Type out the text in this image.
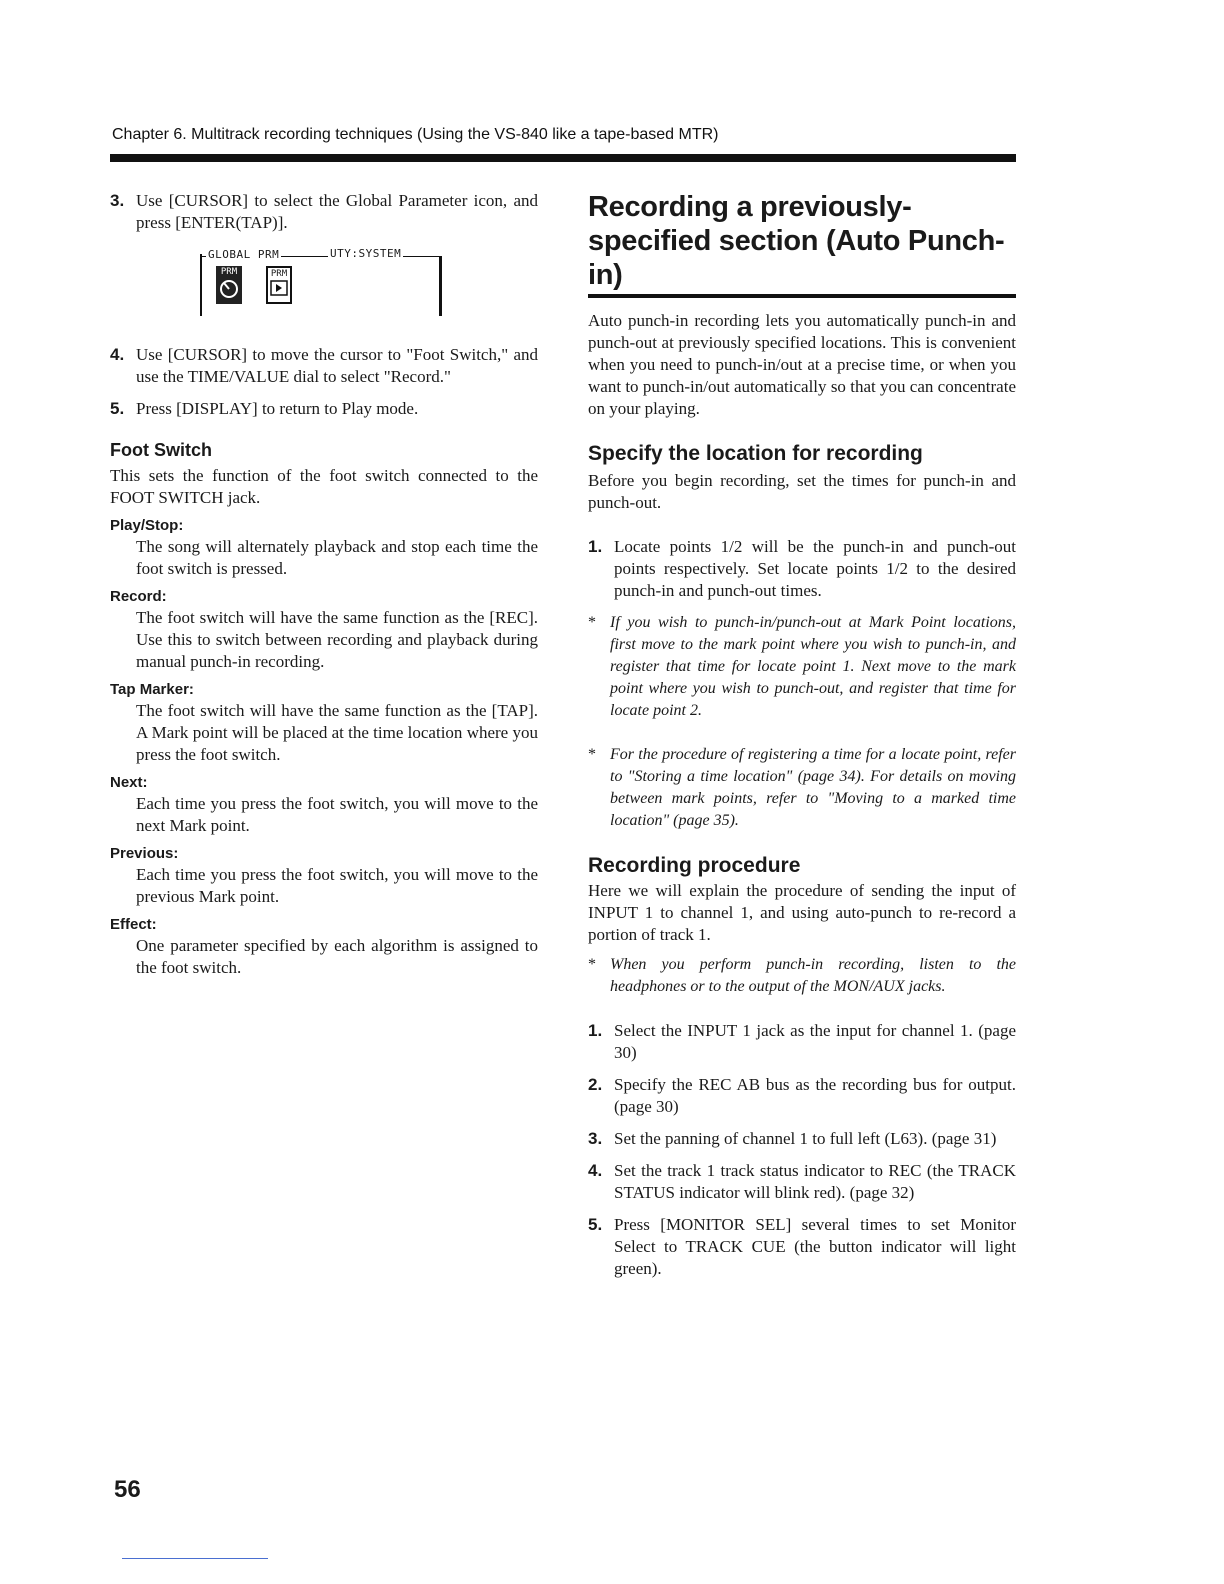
Chapter 6. Multitrack recording techniques (Using the VS-840 like a tape-based MTR)
3. Use [CURSOR] to select the Global Parameter icon, and press [ENTER(TAP)].
GLOBAL PRM	UTY:SYSTEM
PRM	PRM
4. Use [CURSOR] to move the cursor to "Foot Switch," and use the TIME/VALUE dial to select "Record."
5. Press [DISPLAY] to return to Play mode.
Foot Switch

This sets the function of the foot switch connected to the FOOT SWITCH jack.

Play/Stop:

The song will alternately playback and stop each time the foot switch is pressed.

Record:

The foot switch will have the same function as the [REC]. Use this to switch between recording and playback during manual punch-in recording.

Tap Marker:

The foot switch will have the same function as the [TAP]. A Mark point will be placed at the time location where you press the foot switch.

Next:

Each time you press the foot switch, you will move to the next Mark point.

Previous:

Each time you press the foot switch, you will move to the previous Mark point.

Effect:

One parameter specified by each algorithm is assigned to the foot switch.

Recording a previously-specified section (Auto Punch-in)

Auto punch-in recording lets you automatically punch-in and punch-out at previously specified locations. This is convenient when you need to punch-in/out at a precise time, or when you want to punch-in/out automatically so that you can concentrate on your playing.

Specify the location for recording

Before you begin recording, set the times for punch-in and punch-out.

1. Locate points 1/2 will be the punch-in and punch-out points respectively. Set locate points 1/2 to the desired punch-in and punch-out times.
* If you wish to punch-in/punch-out at Mark Point locations, first move to the mark point where you wish to punch-in, and register that time for locate point 1. Next move to the mark point where you wish to punch-out, and register that time for locate point 2.
* For the procedure of registering a time for a locate point, refer to "Storing a time location" (page 34). For details on moving between mark points, refer to "Moving to a marked time location" (page 35).
Recording procedure

Here we will explain the procedure of sending the input of INPUT 1 to channel 1, and using auto-punch to re-record a portion of track 1.

* When you perform punch-in recording, listen to the headphones or to the output of the MON/AUX jacks.
1. Select the INPUT 1 jack as the input for channel 1. (page 30)
2. Specify the REC AB bus as the recording bus for output. (page 30)
3. Set the panning of channel 1 to full left (L63). (page 31)
4. Set the track 1 track status indicator to REC (the TRACK STATUS indicator will blink red). (page 32)
5. Press [MONITOR SEL] several times to set Monitor Select to TRACK CUE (the button indicator will light green).
56
